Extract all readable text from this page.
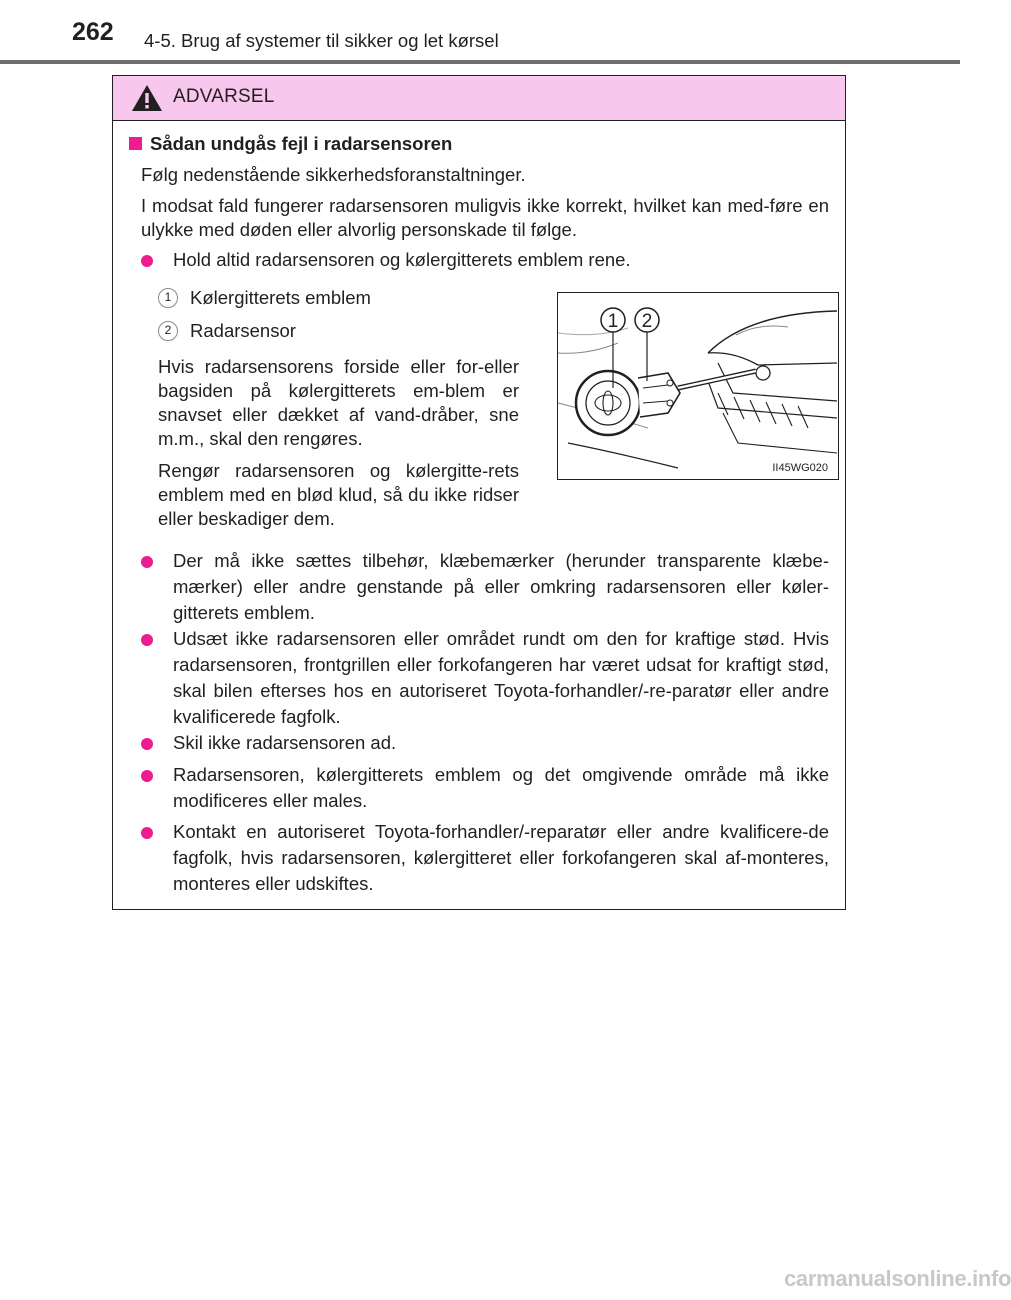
262 4-5. Brug af systemer til sikker og let kørsel
ADVARSEL
Sådan undgås fejl i radarsensoren
Følg nedenstående sikkerhedsforanstaltninger.
I modsat fald fungerer radarsensoren muligvis ikke korrekt, hvilket kan med-føre en ulykke med døden eller alvorlig personskade til følge.
Hold altid radarsensoren og kølergitterets emblem rene.
1	Kølergitterets emblem
2	Radarsensor
Hvis radarsensorens forside eller for-eller bagsiden på kølergitterets em-blem er snavset eller dækket af vand-dråber, sne m.m., skal den rengøres.
Rengør radarsensoren og kølergitte-rets emblem med en blød klud, så du ikke ridser eller beskadiger dem.
1 2
II45WG020
Der må ikke sættes tilbehør, klæbemærker (herunder transparente klæbe-mærker) eller andre genstande på eller omkring radarsensoren eller køler-gitterets emblem.
Udsæt ikke radarsensoren eller området rundt om den for kraftige stød. Hvis radarsensoren, frontgrillen eller forkofangeren har været udsat for kraftigt stød, skal bilen efterses hos en autoriseret Toyota-forhandler/-re-paratør eller andre kvalificerede fagfolk.
Skil ikke radarsensoren ad.
Radarsensoren, kølergitterets emblem og det omgivende område må ikke modificeres eller males.
Kontakt en autoriseret Toyota-forhandler/-reparatør eller andre kvalificere-de fagfolk, hvis radarsensoren, kølergitteret eller forkofangeren skal af-monteres, monteres eller udskiftes.
carmanualsonline.info
